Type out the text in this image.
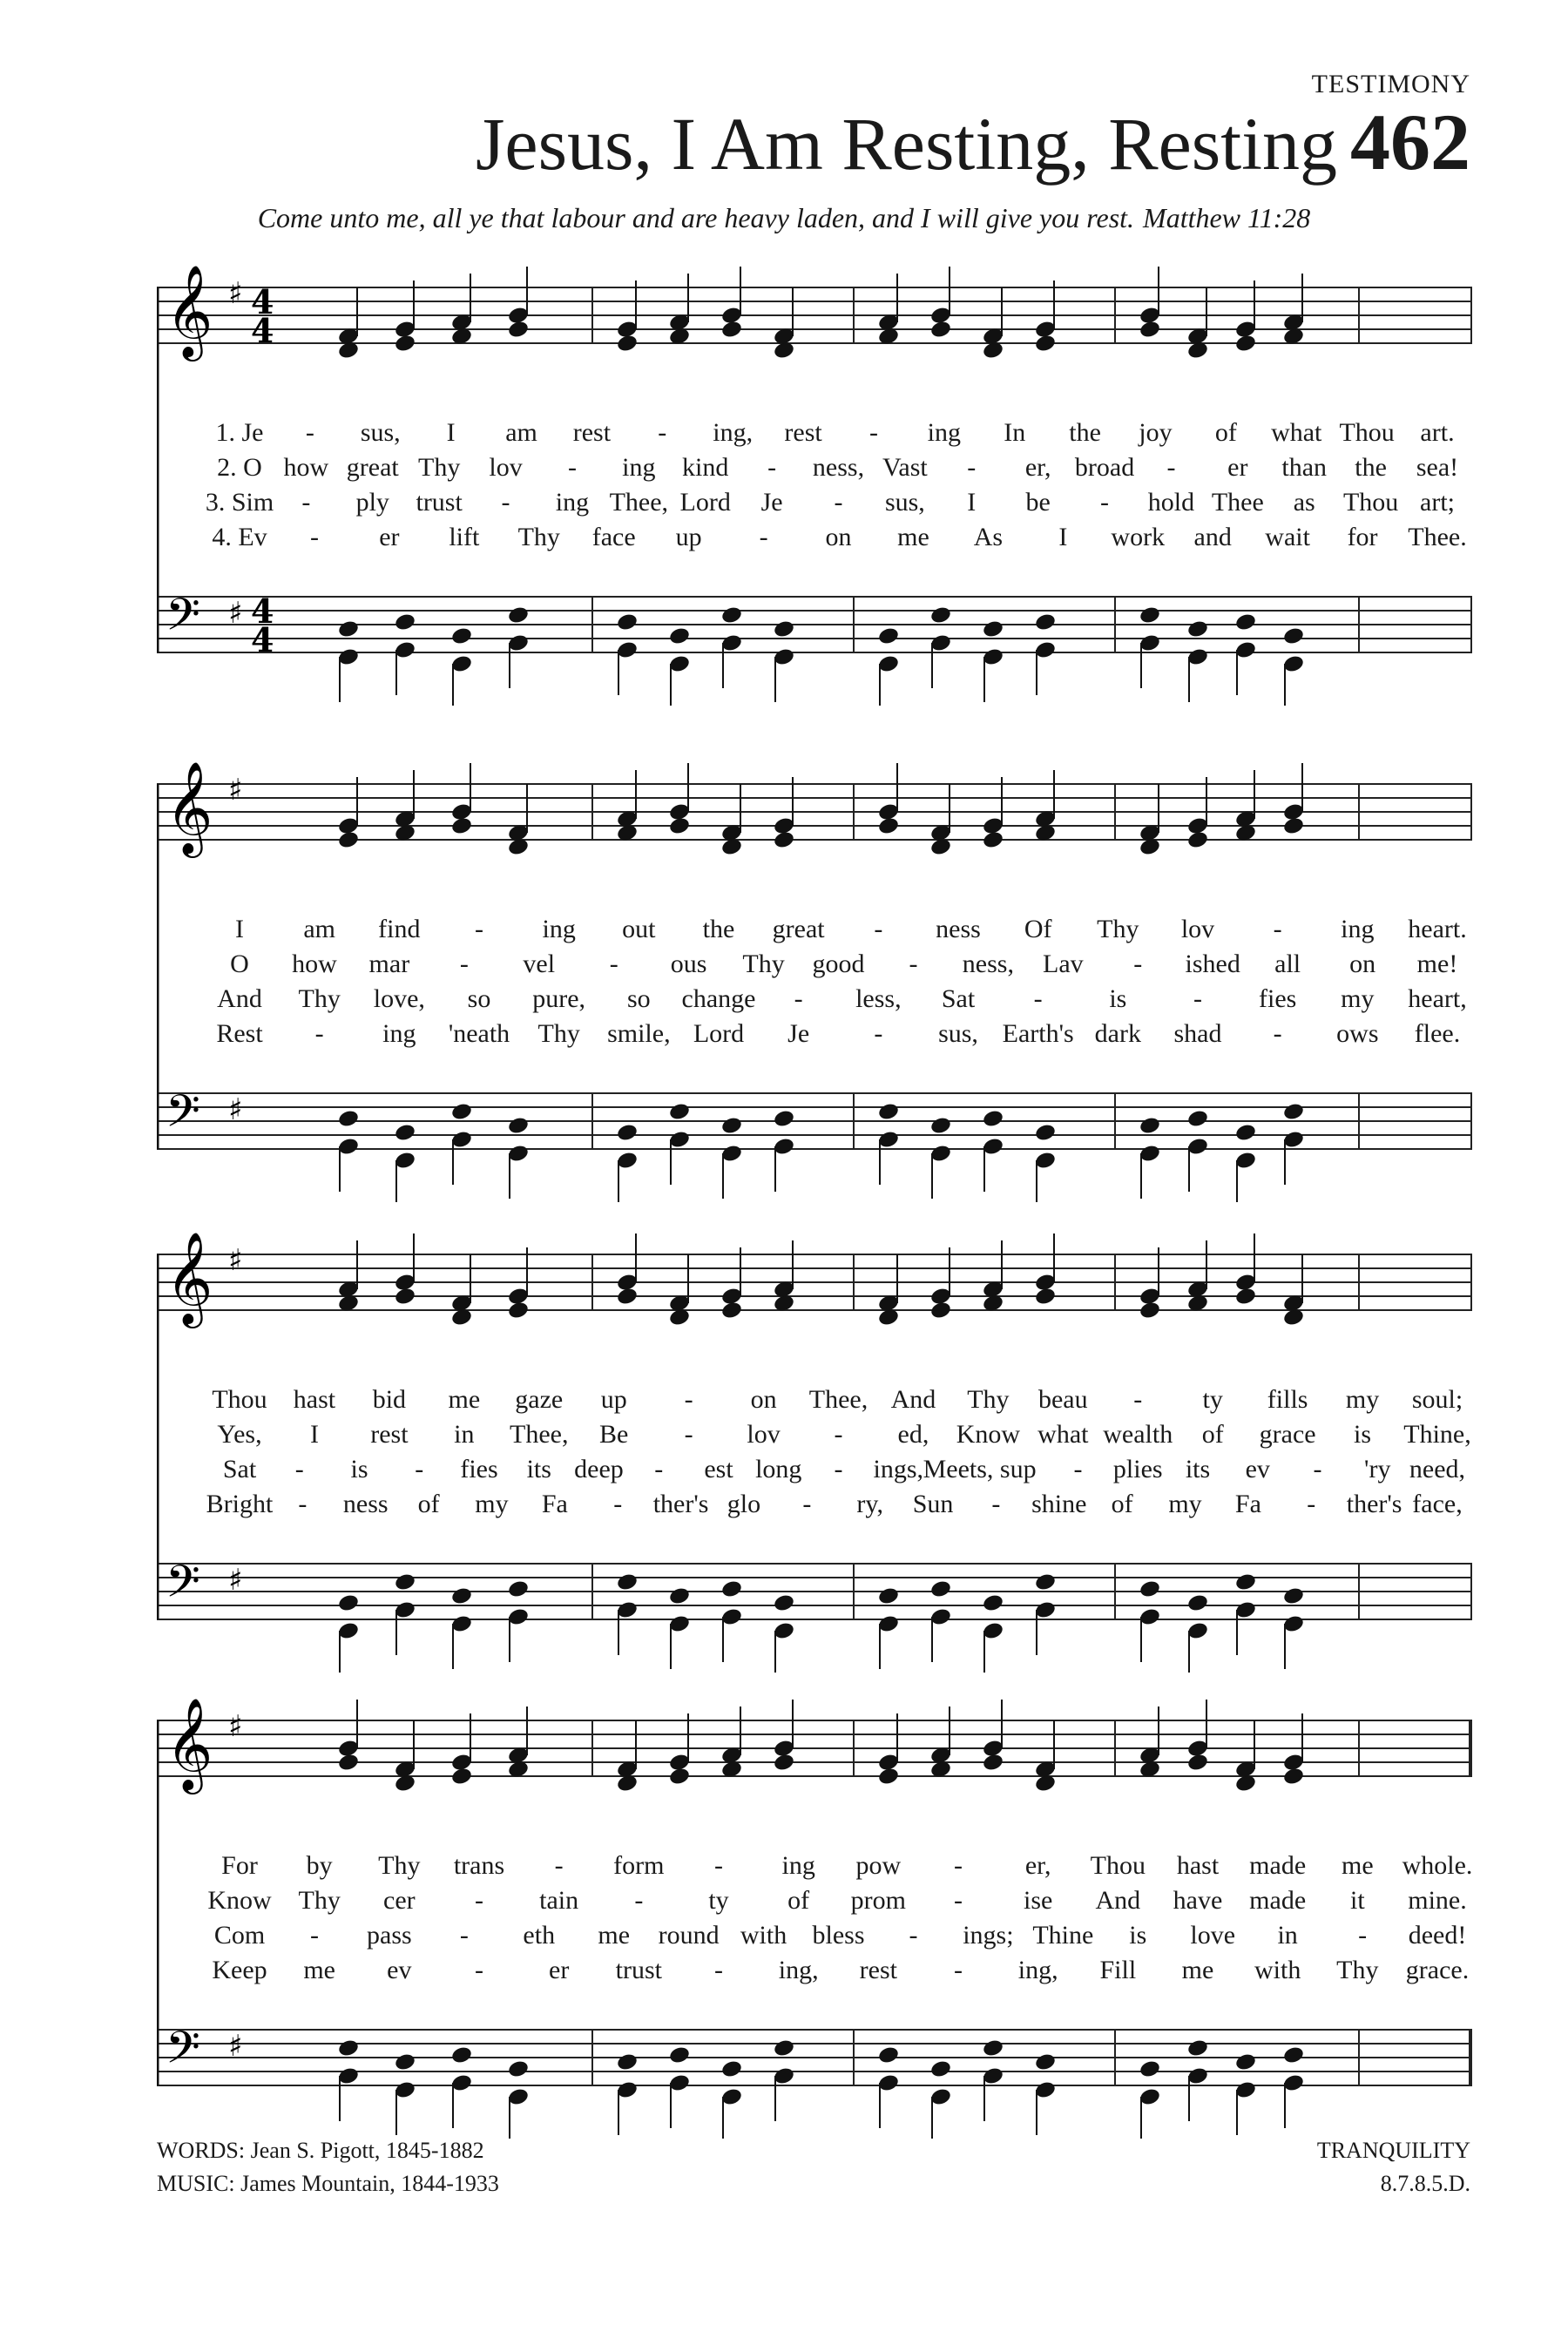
TESTIMONY
Jesus, I Am Resting, Resting 462
Come unto me, all ye that labour and are heavy laden, and I will give you rest. Matthew 11:28
𝄞
𝄢
♯
♯
4
4
4
4
1. Je - sus, I am rest - ing, rest - ing In the joy of what Thou art.
2. O how great Thy lov - ing kind - ness, Vast - er, broad - er than the sea!
3. Sim - ply trust - ing Thee, Lord Je - sus, I be - hold Thee as Thou art;
4. Ev - er lift Thy face up - on me As I work and wait for Thee.
𝄞
𝄢
♯
♯
I am find - ing out the great - ness Of Thy lov - ing heart.
O how mar - vel - ous Thy good - ness, Lav - ished all on me!
And Thy love, so pure, so change - less, Sat -	is	- fies my heart,
Rest - ing 'neath Thy smile, Lord Je - sus, Earth's dark shad - ows flee.
𝄞
𝄢
♯
♯
Thou hast bid me gaze up - on Thee, And Thy beau - ty fills my soul;
Yes, I rest in Thee, Be - lov - ed, Know what wealth of grace is Thine,
Sat - is - fies its deep - est long - ings, Meets, sup - plies its ev - 'ry need,
Bright - ness of my Fa - ther's glo - ry, Sun - shine of my Fa - ther's face,
𝄞
𝄢
♯
♯
For by Thy trans - form - ing pow - er, Thou hast made me whole.
Know Thy cer - tain -	ty of prom - ise And have made it mine.
Com - pass - eth me round with bless - ings; Thine is love in - deed!
Keep me ev -	er trust - ing, rest - ing, Fill me with Thy grace.
WORDS: Jean S. Pigott, 1845-1882
MUSIC: James Mountain, 1844-1933
TRANQUILITY
8.7.8.5.D.
